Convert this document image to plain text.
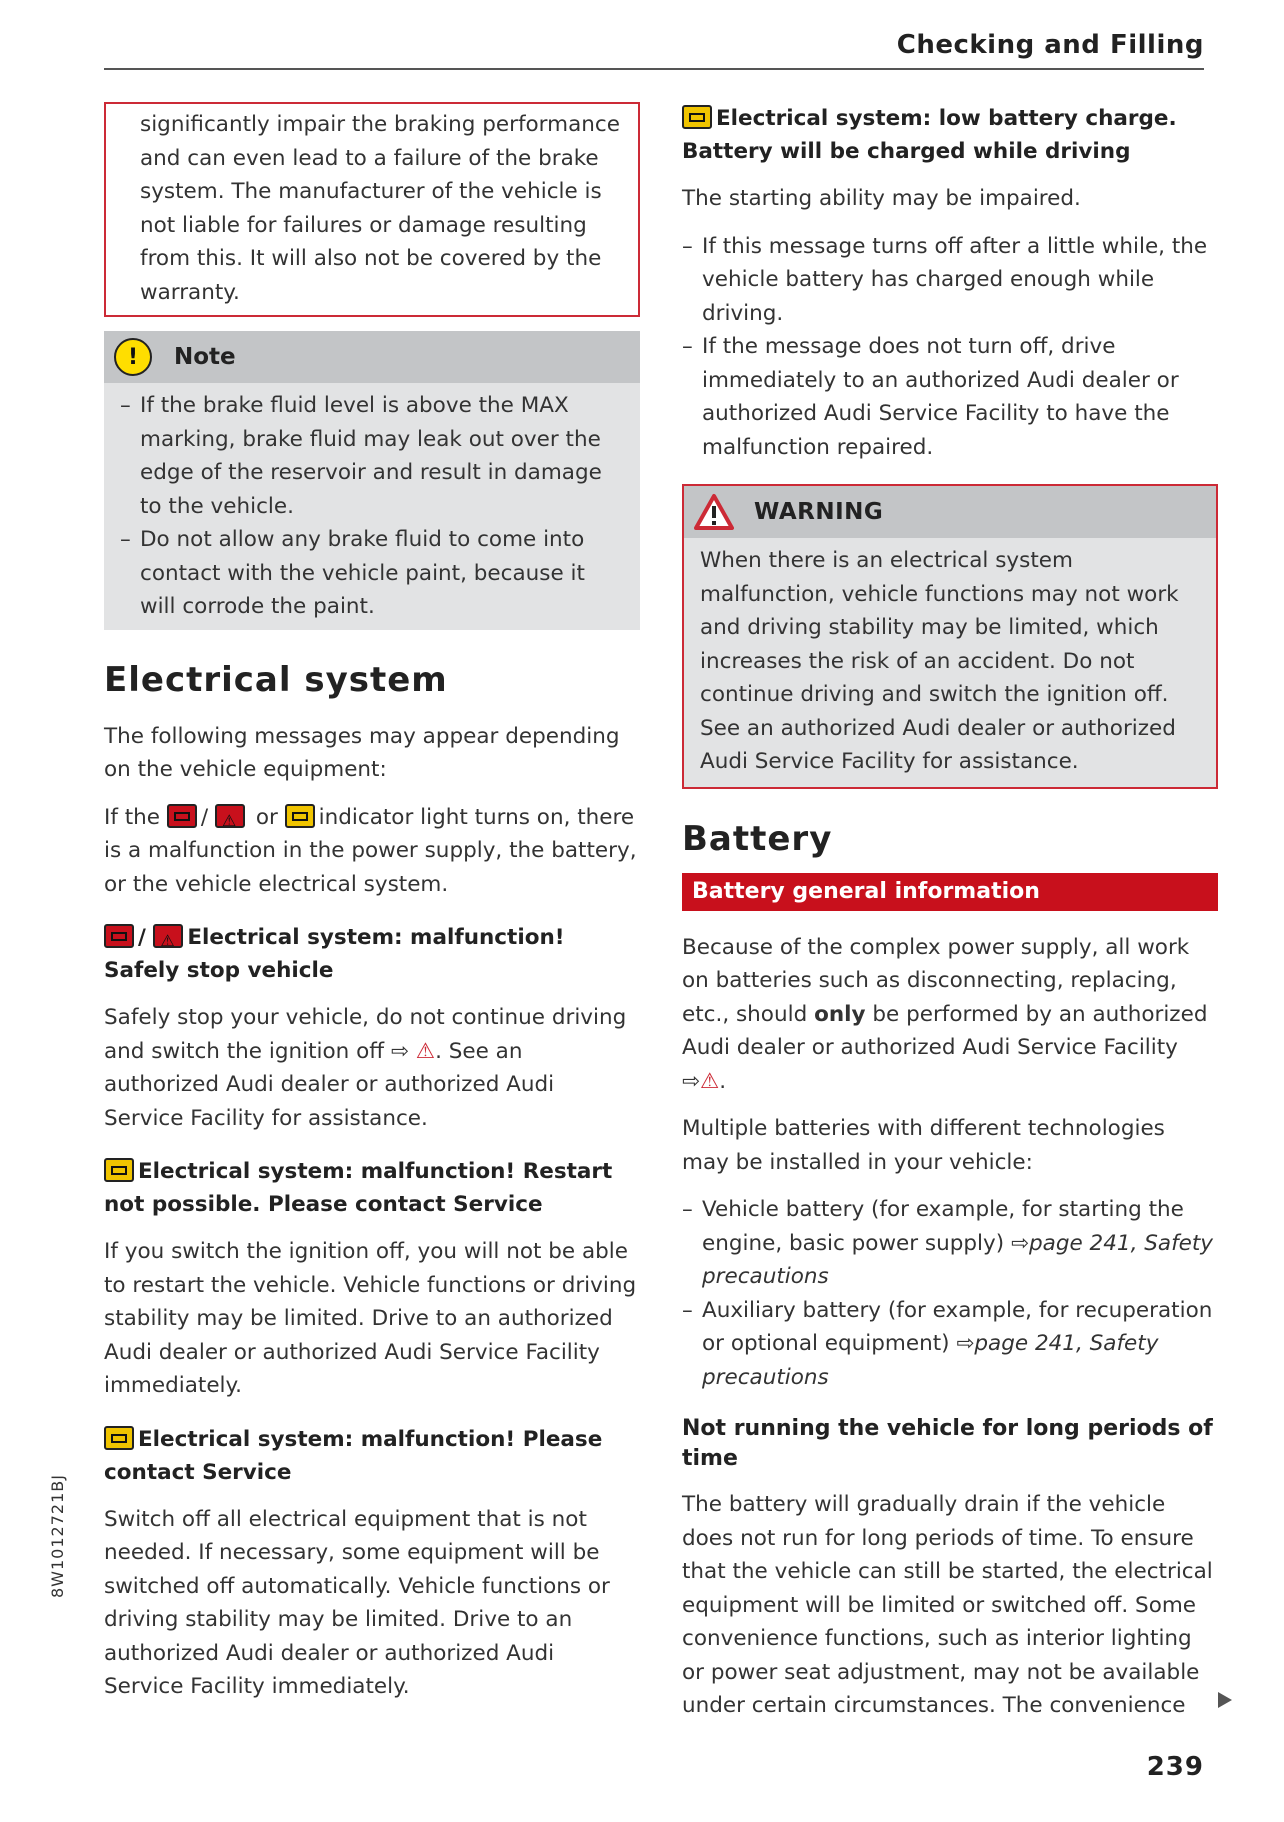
Checking and Filling

significantly impair the braking performance and can even lead to a failure of the brake system. The manufacturer of the vehicle is not liable for failures or damage resulting from this. It will also not be covered by the warranty.

!	Note
– If the brake fluid level is above the MAX marking, brake fluid may leak out over the edge of the reservoir and result in damage to the vehicle.
– Do not allow any brake fluid to come into contact with the vehicle paint, because it will corrode the paint.
Electrical system

The following messages may appear depending on the vehicle equipment:

If the / ⚠ or indicator light turns on, there is a malfunction in the power supply, the battery, or the vehicle electrical system.

/ ⚠ Electrical system: malfunction! Safely stop vehicle

Safely stop your vehicle, do not continue driving and switch the ignition off ⇨ ⚠. See an authorized Audi dealer or authorized Audi Service Facility for assistance.

Electrical system: malfunction! Restart not possible. Please contact Service

If you switch the ignition off, you will not be able to restart the vehicle. Vehicle functions or driving stability may be limited. Drive to an authorized Audi dealer or authorized Audi Service Facility immediately.

Electrical system: malfunction! Please contact Service

Switch off all electrical equipment that is not needed. If necessary, some equipment will be switched off automatically. Vehicle functions or driving stability may be limited. Drive to an authorized Audi dealer or authorized Audi Service Facility immediately.

Electrical system: low battery charge. Battery will be charged while driving

The starting ability may be impaired.

– If this message turns off after a little while, the vehicle battery has charged enough while driving.

– If the message does not turn off, drive immediately to an authorized Audi dealer or authorized Audi Service Facility to have the malfunction repaired.

WARNING

When there is an electrical system malfunction, vehicle functions may not work and driving stability may be limited, which increases the risk of an accident. Do not continue driving and switch the ignition off. See an authorized Audi dealer or authorized Audi Service Facility for assistance.

Battery
Battery general information

Because of the complex power supply, all work on batteries such as disconnecting, replacing, etc., should only be performed by an authorized Audi dealer or authorized Audi Service Facility ⇨⚠.

Multiple batteries with different technologies may be installed in your vehicle:

– Vehicle battery (for example, for starting the engine, basic power supply) ⇨page 241, Safety precautions

– Auxiliary battery (for example, for recuperation or optional equipment) ⇨page 241, Safety precautions

Not running the vehicle for long periods of time

The battery will gradually drain if the vehicle does not run for long periods of time. To ensure that the vehicle can still be started, the electrical equipment will be limited or switched off. Some convenience functions, such as interior lighting or power seat adjustment, may not be available under certain circumstances. The convenience

8W1012721BJ
239
